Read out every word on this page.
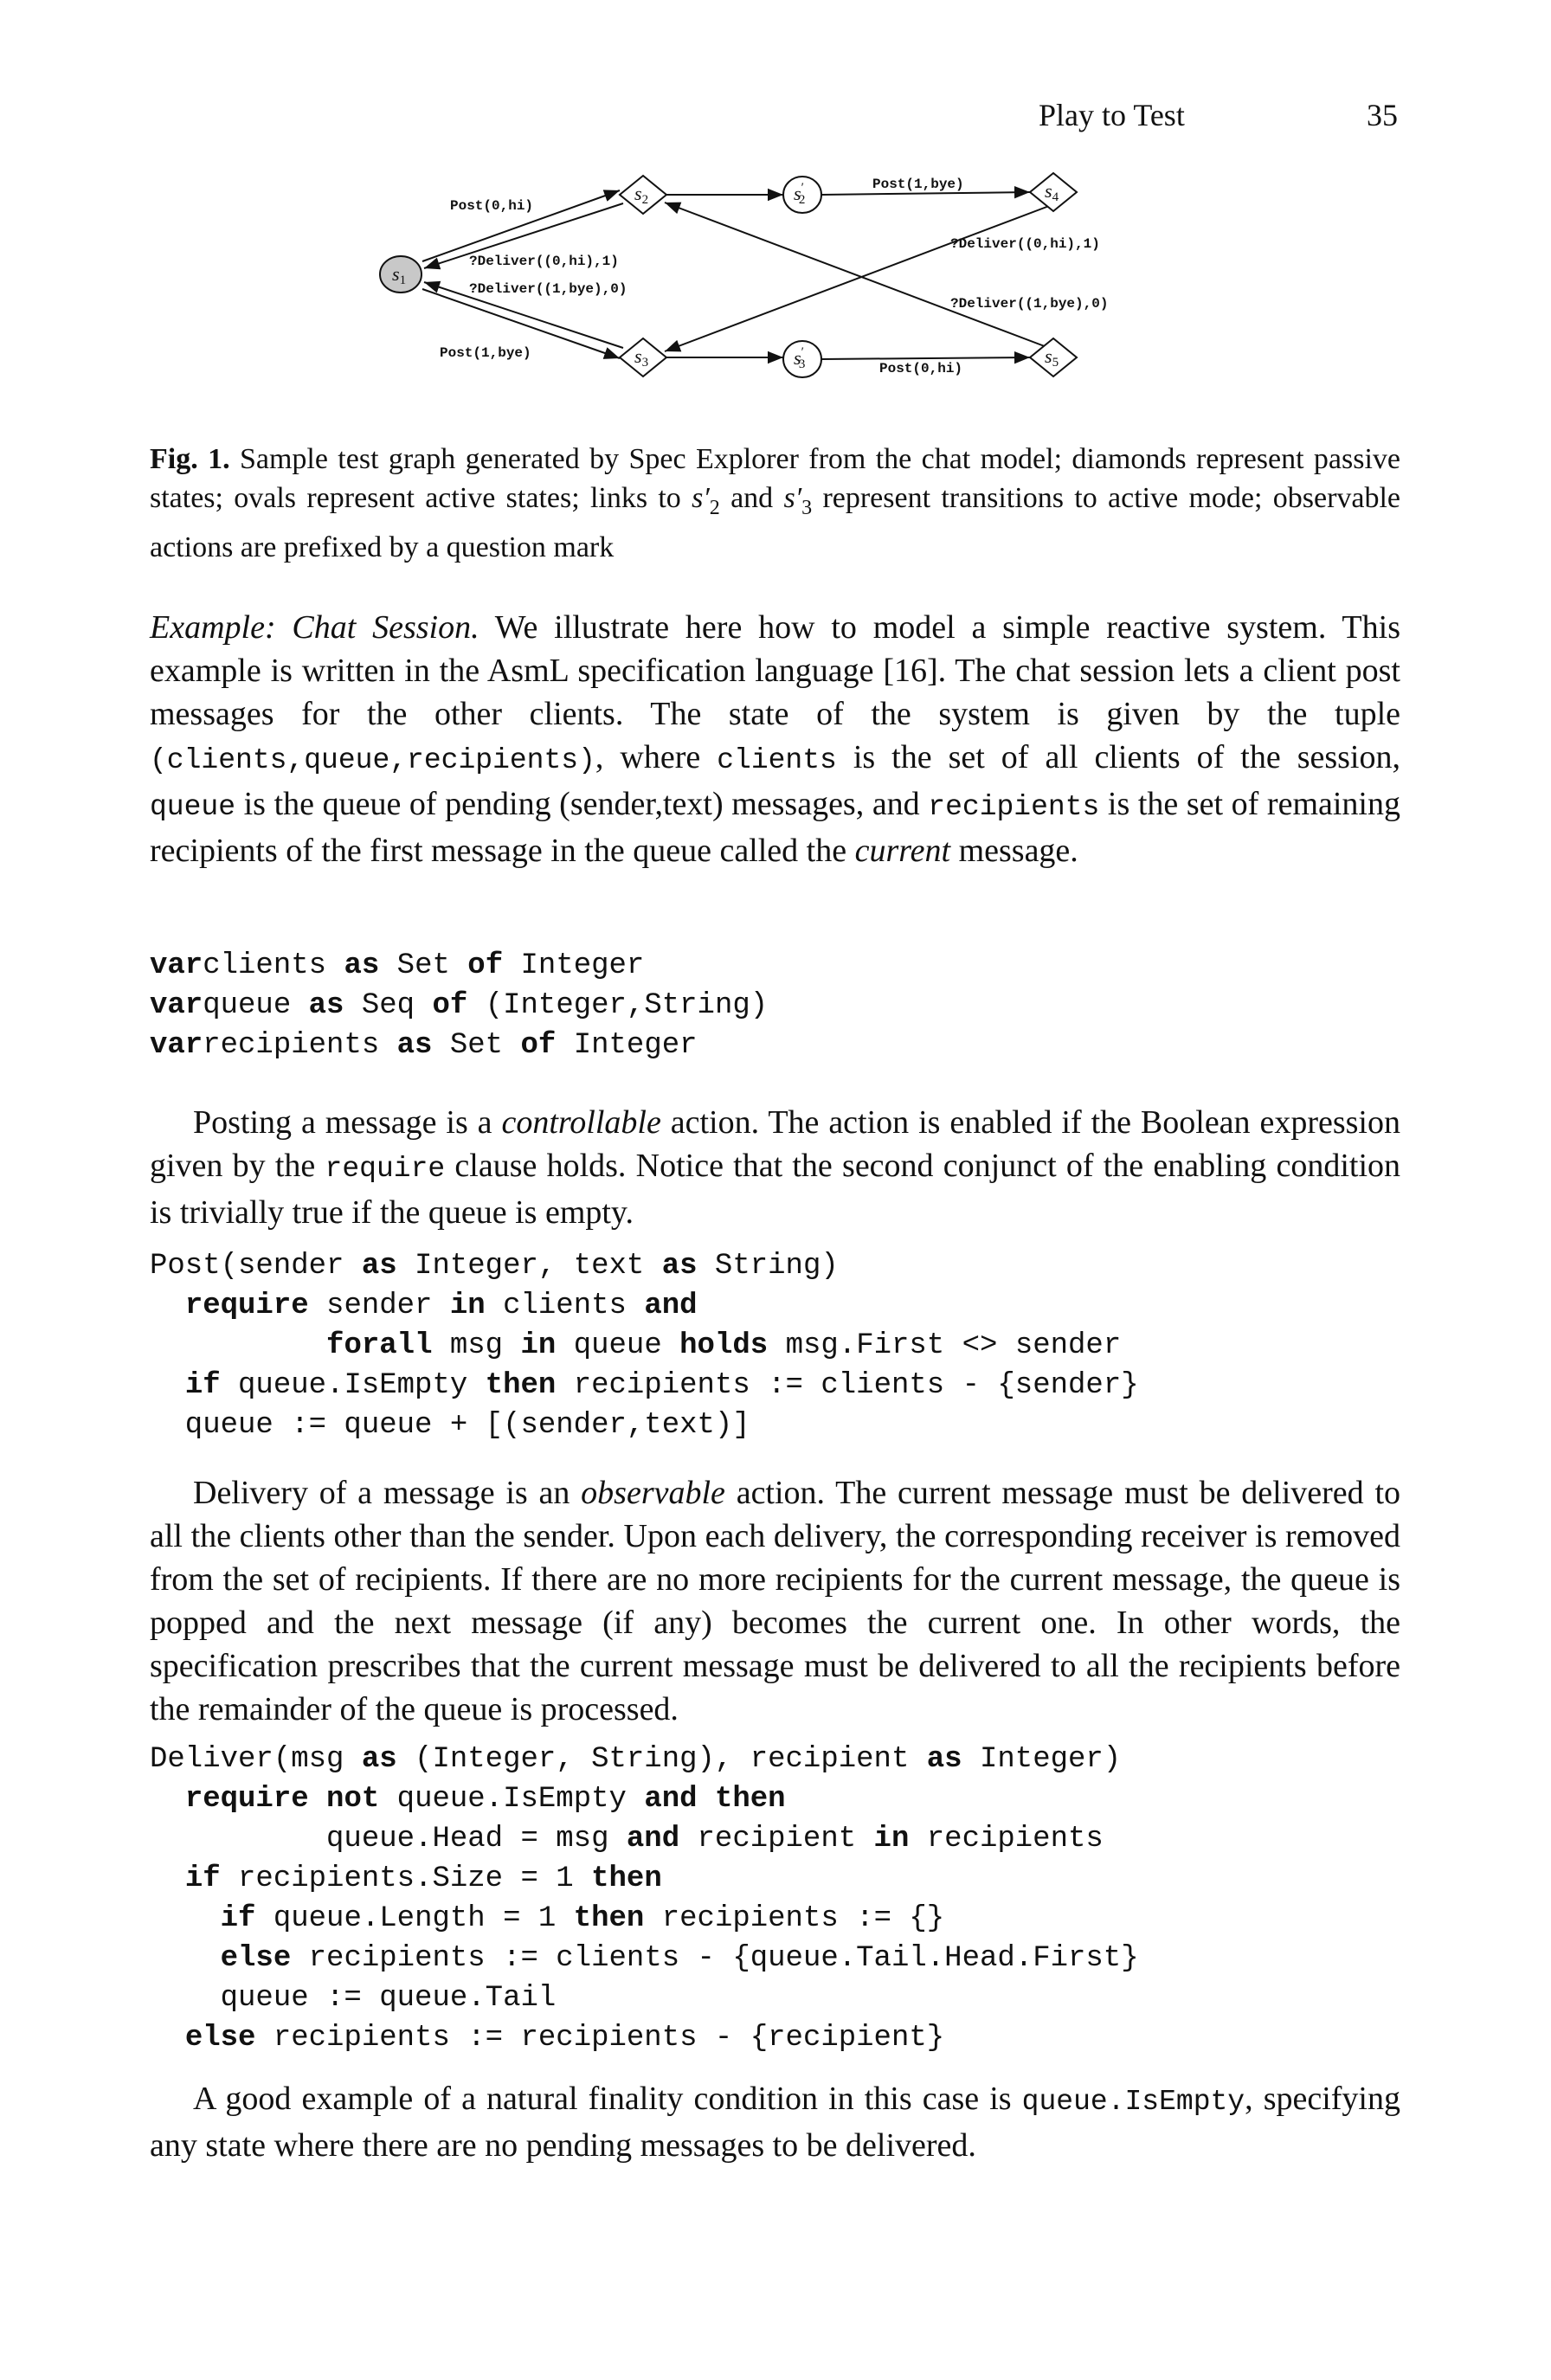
Play to Test	35
s1
s2
s3
s′ 2
s′ 3
s4
s5
Post(0,hi)
?Deliver((0,hi),1)
?Deliver((1,bye),0)
Post(1,bye)
Post(1,bye)
?Deliver((0,hi),1)
?Deliver((1,bye),0)
Post(0,hi)
Fig. 1. Sample test graph generated by Spec Explorer from the chat model; diamonds represent passive states; ovals represent active states; links to $s'_2$ and $s'_3$ represent transitions to active mode; observable actions are prefixed by a question mark
Example: Chat Session. We illustrate here how to model a simple reactive system. This example is written in the AsmL specification language [16]. The chat session lets a client post messages for the other clients. The state of the system is given by the tuple (clients,queue,recipients), where clients is the set of all clients of the session, queue is the queue of pending (sender,text) messages, and recipients is the set of remaining recipients of the first message in the queue called the current message.
varclients as Set of Integer
varqueue as Seq of (Integer,String)
varrecipients as Set of Integer
Posting a message is a controllable action. The action is enabled if the Boolean expression given by the require clause holds. Notice that the second conjunct of the enabling condition is trivially true if the queue is empty.
Post(sender as Integer, text as String)
require sender in clients and
forall msg in queue holds msg.First <> sender
if queue.IsEmpty then recipients := clients - {sender}
queue := queue + [(sender,text)]
Delivery of a message is an observable action. The current message must be delivered to all the clients other than the sender. Upon each delivery, the corresponding receiver is removed from the set of recipients. If there are no more recipients for the current message, the queue is popped and the next message (if any) becomes the current one. In other words, the specification prescribes that the current message must be delivered to all the recipients before the remainder of the queue is processed.
Deliver(msg as (Integer, String), recipient as Integer)
require not queue.IsEmpty and then
queue.Head = msg and recipient in recipients
if recipients.Size = 1 then
if queue.Length = 1 then recipients := {}
else recipients := clients - {queue.Tail.Head.First}
queue := queue.Tail
else recipients := recipients - {recipient}
A good example of a natural finality condition in this case is queue.IsEmpty, specifying any state where there are no pending messages to be delivered.
